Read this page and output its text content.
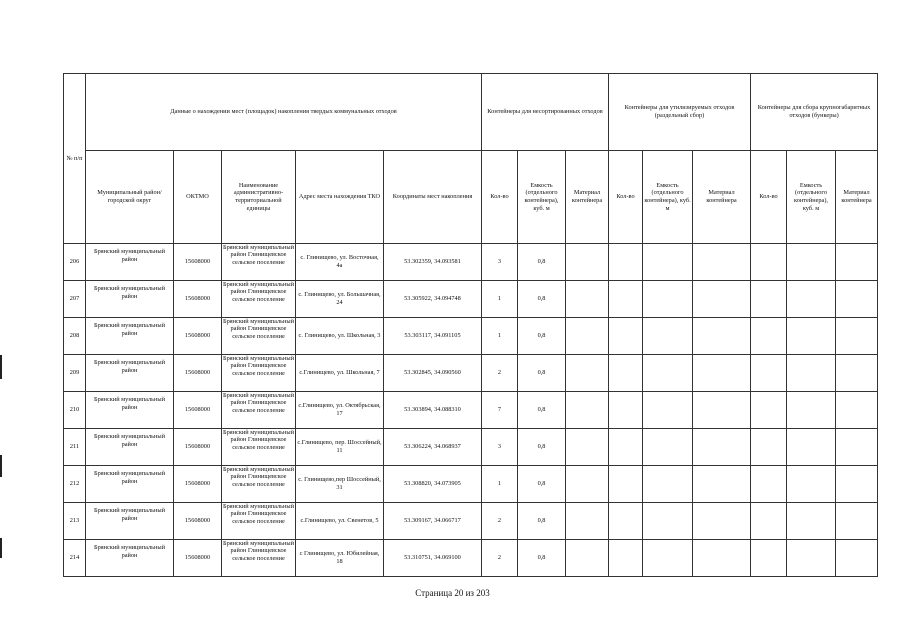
№ п/п	Данные о нахождении мест (площадок) накопления твердых коммунальных отходов					Контейнеры для несортированных отходов			Контейнеры для утилизируемых отходов (раздельный сбор)			Контейнеры для сбора крупногабаритных отходов (бункеры)		
	Муниципальный район/городской округ	ОКТМО	Наименование административно-территориальной единицы	Адрес места нахождения ТКО	Координаты мест накопления	Кол-во	Емкость (отдельного контейнера), куб. м	Материал контейнера	Кол-во	Емкость (отдельного контейнера), куб. м	Материал контейнера	Кол-во	Емкость (отдельного контейнера), куб. м	Материал контейнера
206	Брянский муниципальный район	15608000	Брянский муниципальный район Глинищевское сельское поселение	с. Глинищево, ул. Восточная, 4а	53.302359, 34.093581	3	0,8							
207	Брянский муниципальный район	15608000	Брянский муниципальный район Глинищевское сельское поселение	с. Глинищево, ул. Большачная, 24	53.305922, 34.094748	1	0,8							
208	Брянский муниципальный район	15608000	Брянский муниципальный район Глинищевское сельское поселение	с. Глинищево, ул. Школьная, 3	53.303117, 34.091105	1	0,8							
209	Брянский муниципальный район	15608000	Брянский муниципальный район Глинищевское сельское поселение	с.Глинищево, ул. Школьная, 7	53.302845, 34.090560	2	0,8							
210	Брянский муниципальный район	15608000	Брянский муниципальный район Глинищевское сельское поселение	с.Глинищево, ул. Октябрьская, 17	53.303894, 34.088310	7	0,8							
211	Брянский муниципальный район	15608000	Брянский муниципальный район Глинищевское сельское поселение	с.Глинищево, пер. Шоссейный, 11	53.306224, 34.068937	3	0,8							
212	Брянский муниципальный район	15608000	Брянский муниципальный район Глинищевское сельское поселение	с. Глинищево,пер Шоссейный, 31	53.308820, 34.073905	1	0,8							
213	Брянский муниципальный район	15608000	Брянский муниципальный район Глинищевское сельское поселение	с.Глинищево, ул. Свенетов, 5	53.309167, 34.066717	2	0,8							
214	Брянский муниципальный район	15608000	Брянский муниципальный район Глинищевское сельское поселение	с Глинищево, ул. Юбилейная, 18	53.310751, 34.069100	2	0,8							
Страница 20 из 203
